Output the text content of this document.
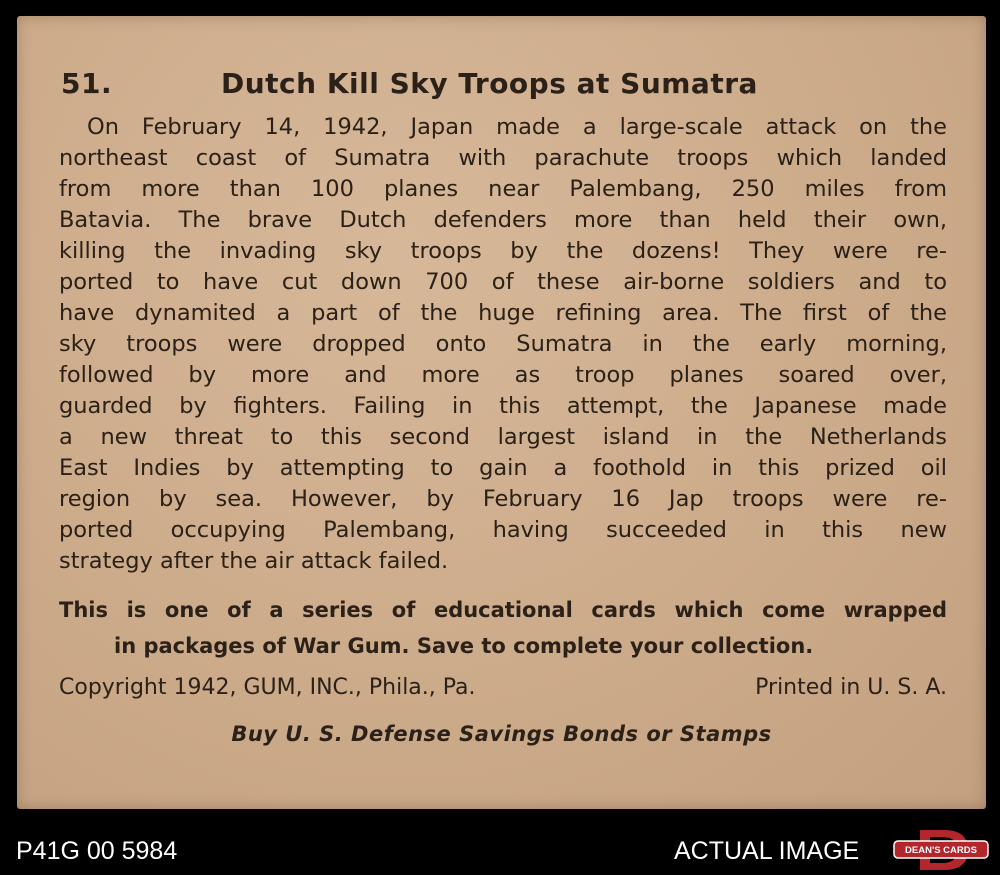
51.	Dutch Kill Sky Troops at Sumatra
On February 14, 1942, Japan made a large-scale attack on the
northeast coast of Sumatra with parachute troops which landed
from more than 100 planes near Palembang, 250 miles from
Batavia. The brave Dutch defenders more than held their own,
killing the invading sky troops by the dozens! They were re-
ported to have cut down 700 of these air-borne soldiers and to
have dynamited a part of the huge refining area. The first of the
sky troops were dropped onto Sumatra in the early morning,
followed by more and more as troop planes soared over,
guarded by fighters. Failing in this attempt, the Japanese made
a new threat to this second largest island in the Netherlands
East Indies by attempting to gain a foothold in this prized oil
region by sea. However, by February 16 Jap troops were re-
ported occupying Palembang, having succeeded in this new
strategy after the air attack failed.
This is one of a series of educational cards which come wrapped
in packages of War Gum. Save to complete your collection.
Copyright 1942, GUM, INC., Phila., Pa.	Printed in U. S. A.
Buy U. S. Defense Savings Bonds or Stamps
P41G 00 5984	ACTUAL IMAGE	DEAN'S CARDS
